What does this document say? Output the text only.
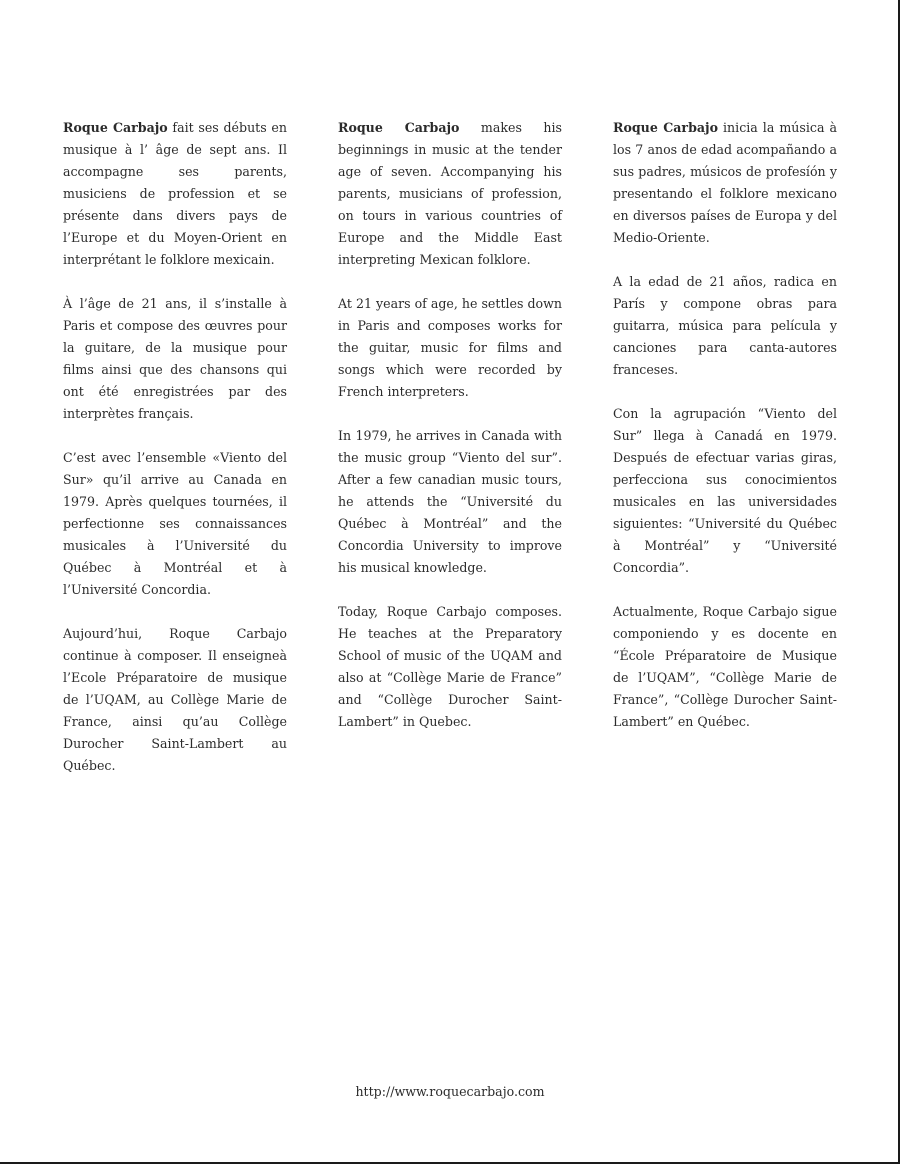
Roque Carbajo fait ses débuts en musique à l’ âge de sept ans. Il accompagne ses parents, musiciens de profession et se présente dans divers pays de l’Europe et du Moyen-Orient en interprétant le folklore mexicain.

À l’âge de 21 ans, il s’installe à Paris et compose des œuvres pour la guitare, de la musique pour films ainsi que des chansons qui ont été enregistrées par des interprètes français.

C’est avec l’ensemble «Viento del Sur» qu’il arrive au Canada en 1979. Après quelques tournées, il perfectionne ses connaissances musicales à l’Université du Québec à Montréal et à l’Université Concordia.

Aujourd’hui, Roque Carbajo continue à composer. Il enseigneà l’Ecole Préparatoire de musique de l’UQAM, au Collège Marie de France, ainsi qu’au Collège Durocher Saint-Lambert au Québec.

Roque Carbajo makes his beginnings in music at the tender age of seven. Accompanying his parents, musicians of profession, on tours in various countries of Europe and the Middle East interpreting Mexican folklore.

At 21 years of age, he settles down in Paris and composes works for the guitar, music for films and songs which were recorded by French interpreters.

In 1979, he arrives in Canada with the music group “Viento del sur”. After a few canadian music tours, he attends the “Université du Québec à Montréal” and the Concordia University to improve his musical knowledge.

Today, Roque Carbajo composes. He teaches at the Preparatory School of music of the UQAM and also at “Collège Marie de France” and “Collège Durocher Saint-Lambert” in Quebec.

Roque Carbajo inicia la música à los 7 anos de edad acompañando a sus padres, músicos de profesíón y presentando el folklore mexicano en diversos países de Europa y del Medio-Oriente.

A la edad de 21 años, radica en París y compone obras para guitarra, música para película y canciones para canta-autores franceses.

Con la agrupación “Viento del Sur” llega à Canadá en 1979. Después de efectuar varias giras, perfecciona sus conocimientos musicales en las universidades siguientes: “Université du Québec à Montréal” y “Université Concordia”.

Actualmente, Roque Carbajo sigue componiendo y es docente en “École Préparatoire de Musique de l’UQAM”, “Collège Marie de France”, “Collège Durocher Saint-Lambert” en Québec.

http://www.roquecarbajo.com
